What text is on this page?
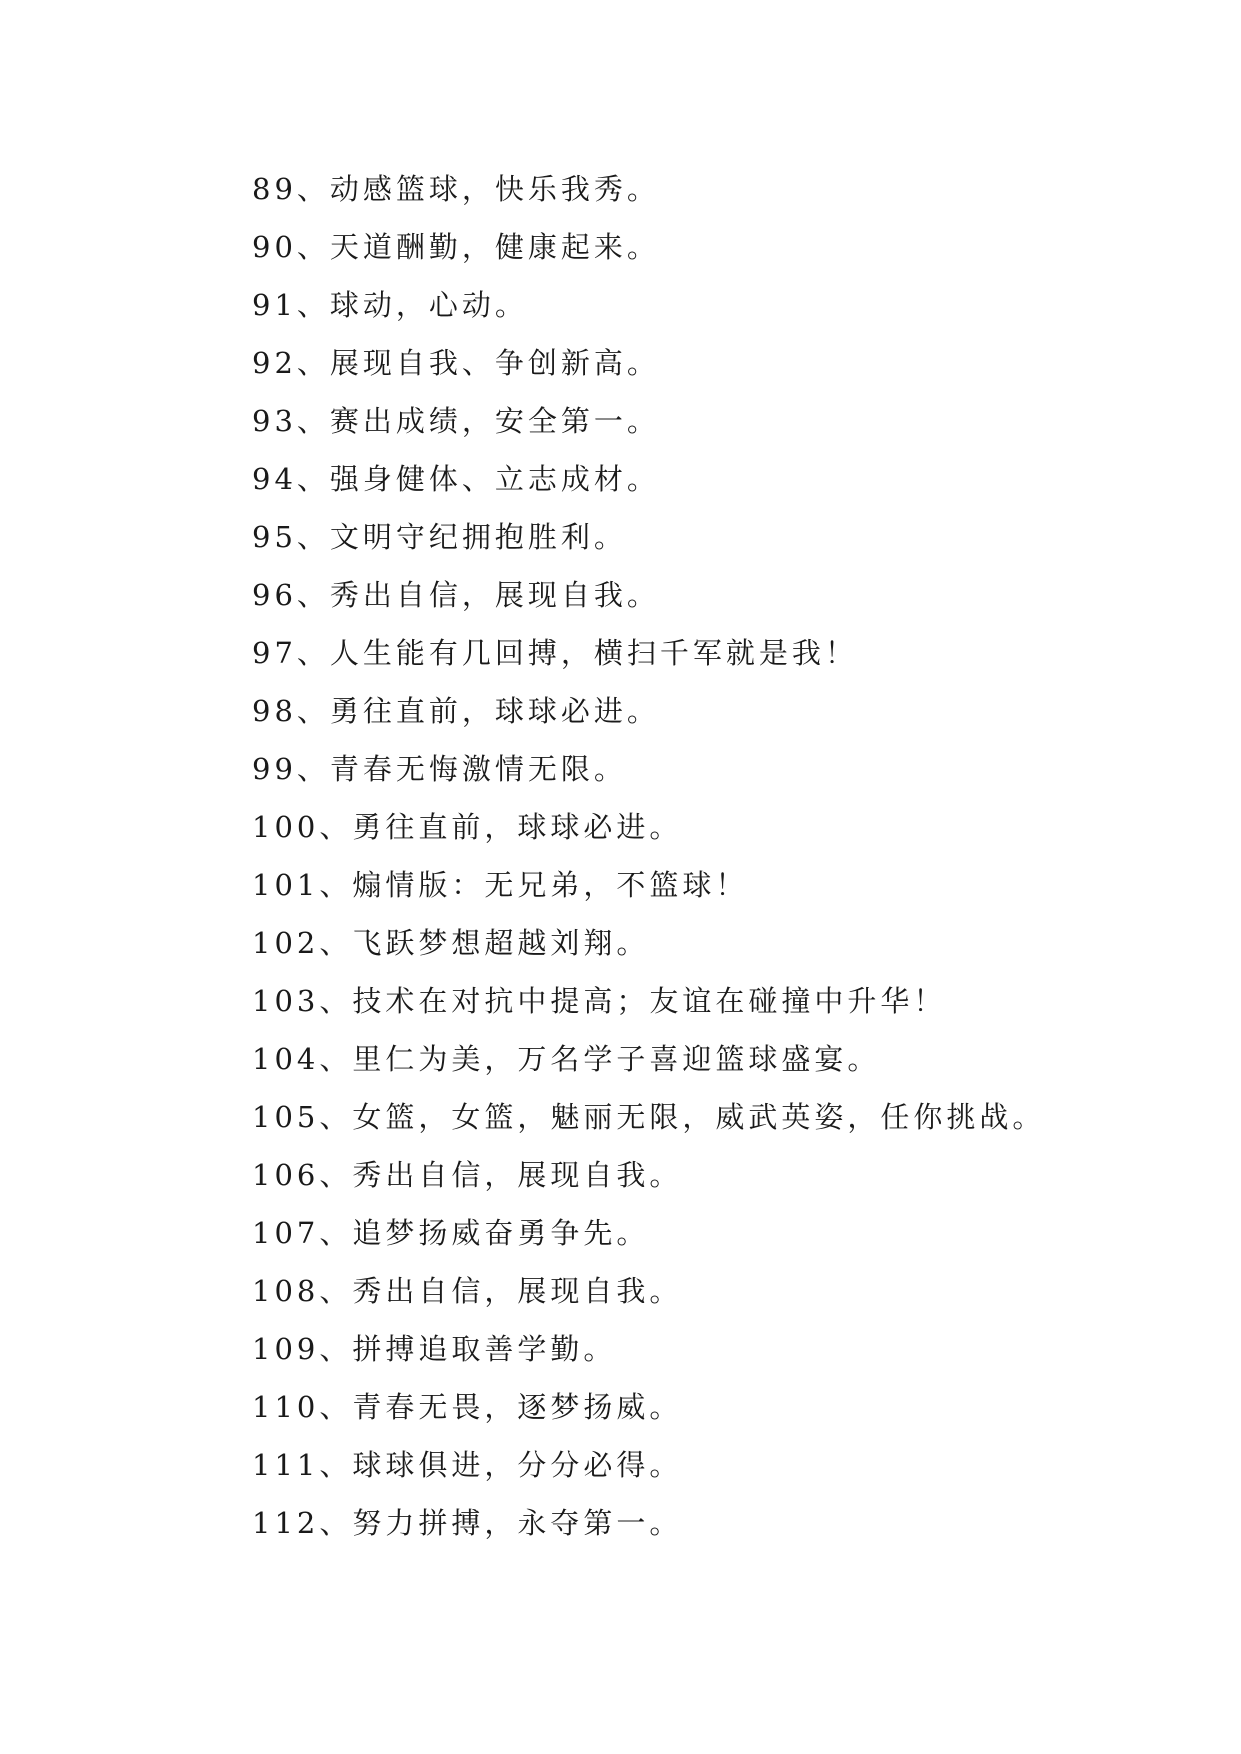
89、动感篮球，快乐我秀。
90、天道酬勤，健康起来。
91、球动，心动。
92、展现自我、争创新高。
93、赛出成绩，安全第一。
94、强身健体、立志成材。
95、文明守纪拥抱胜利。
96、秀出自信，展现自我。
97、人生能有几回搏，横扫千军就是我！
98、勇往直前，球球必进。
99、青春无悔激情无限。
100、勇往直前，球球必进。
101、煽情版：无兄弟，不篮球！
102、飞跃梦想超越刘翔。
103、技术在对抗中提高；友谊在碰撞中升华！
104、里仁为美，万名学子喜迎篮球盛宴。
105、女篮，女篮，魅丽无限，威武英姿，任你挑战。
106、秀出自信，展现自我。
107、追梦扬威奋勇争先。
108、秀出自信，展现自我。
109、拼搏追取善学勤。
110、青春无畏，逐梦扬威。
111、球球俱进，分分必得。
112、努力拼搏，永夺第一。
